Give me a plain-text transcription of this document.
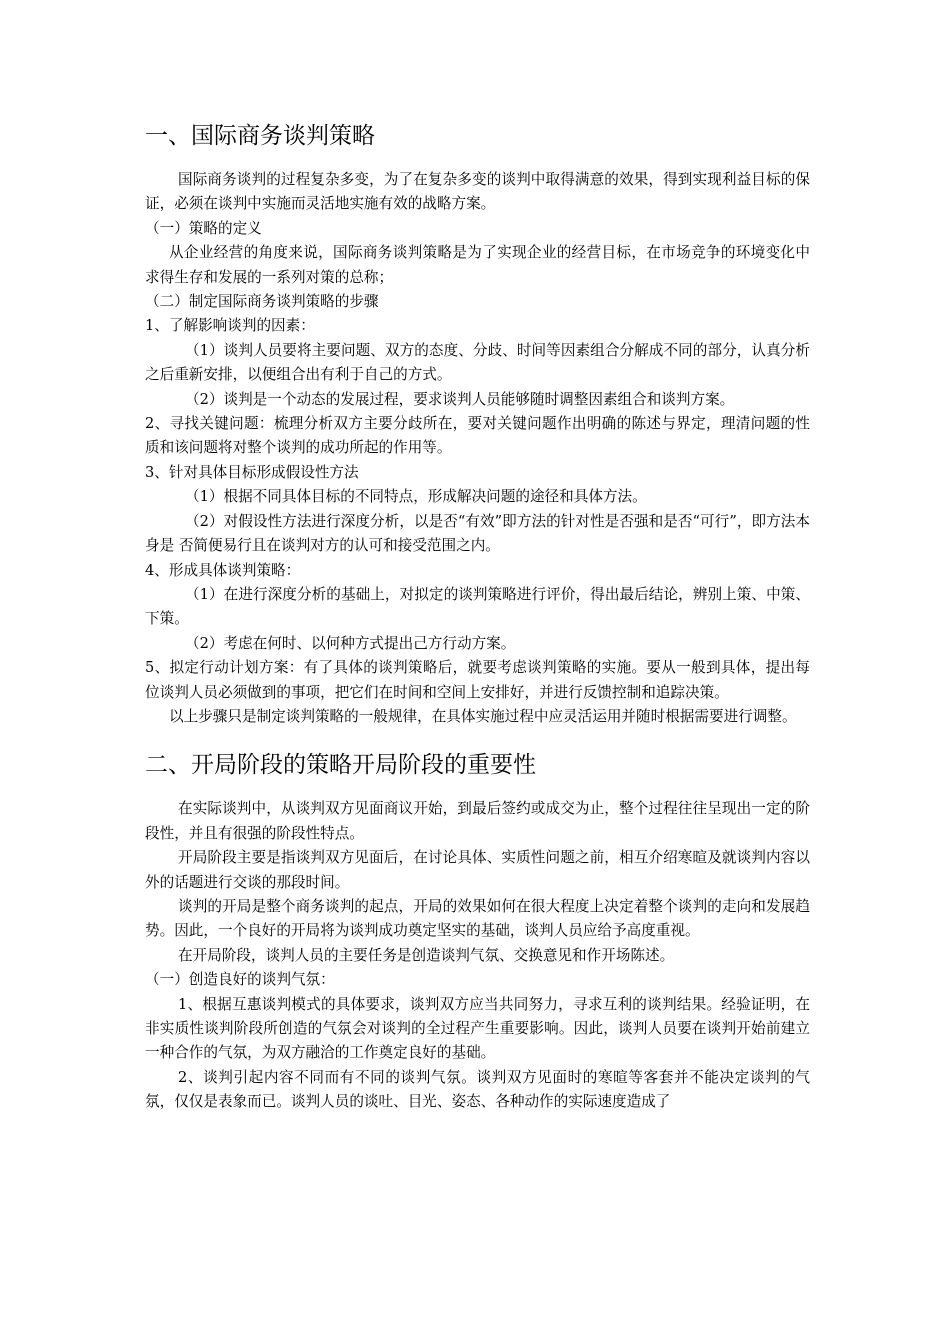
一、国际商务谈判策略

国际商务谈判的过程复杂多变，为了在复杂多变的谈判中取得满意的效果，得到实现利益目标的保证，必须在谈判中实施而灵活地实施有效的战略方案。

（一）策略的定义

从企业经营的角度来说，国际商务谈判策略是为了实现企业的经营目标，在市场竞争的环境变化中求得生存和发展的一系列对策的总称；

（二）制定国际商务谈判策略的步骤

1、了解影响谈判的因素：

（1）谈判人员要将主要问题、双方的态度、分歧、时间等因素组合分解成不同的部分，认真分析之后重新安排，以便组合出有利于自己的方式。

（2）谈判是一个动态的发展过程，要求谈判人员能够随时调整因素组合和谈判方案。

2、寻找关键问题：梳理分析双方主要分歧所在，要对关键问题作出明确的陈述与界定，理清问题的性质和该问题将对整个谈判的成功所起的作用等。

3、针对具体目标形成假设性方法

（1）根据不同具体目标的不同特点，形成解决问题的途径和具体方法。

（2）对假设性方法进行深度分析，以是否“有效”即方法的针对性是否强和是否“可行”，即方法本身是 否简便易行且在谈判对方的认可和接受范围之内。

4、形成具体谈判策略：

（1）在进行深度分析的基础上，对拟定的谈判策略进行评价，得出最后结论，辨别上策、中策、下策。

（2）考虑在何时、以何种方式提出己方行动方案。

5、拟定行动计划方案：有了具体的谈判策略后，就要考虑谈判策略的实施。要从一般到具体，提出每位谈判人员必须做到的事项，把它们在时间和空间上安排好，并进行反馈控制和追踪决策。

以上步骤只是制定谈判策略的一般规律，在具体实施过程中应灵活运用并随时根据需要进行调整。

二、开局阶段的策略开局阶段的重要性

在实际谈判中，从谈判双方见面商议开始，到最后签约或成交为止，整个过程往往呈现出一定的阶段性，并且有很强的阶段性特点。

开局阶段主要是指谈判双方见面后，在讨论具体、实质性问题之前，相互介绍寒暄及就谈判内容以外的话题进行交谈的那段时间。

谈判的开局是整个商务谈判的起点，开局的效果如何在很大程度上决定着整个谈判的走向和发展趋势。因此，一个良好的开局将为谈判成功奠定坚实的基础，谈判人员应给予高度重视。

在开局阶段，谈判人员的主要任务是创造谈判气氛、交换意见和作开场陈述。

（一）创造良好的谈判气氛：

1、根据互惠谈判模式的具体要求，谈判双方应当共同努力，寻求互利的谈判结果。经验证明，在非实质性谈判阶段所创造的气氛会对谈判的全过程产生重要影响。因此，谈判人员要在谈判开始前建立一种合作的气氛，为双方融洽的工作奠定良好的基础。

2、谈判引起内容不同而有不同的谈判气氛。谈判双方见面时的寒暄等客套并不能决定谈判的气氛，仅仅是表象而已。谈判人员的谈吐、目光、姿态、各种动作的实际速度造成了
